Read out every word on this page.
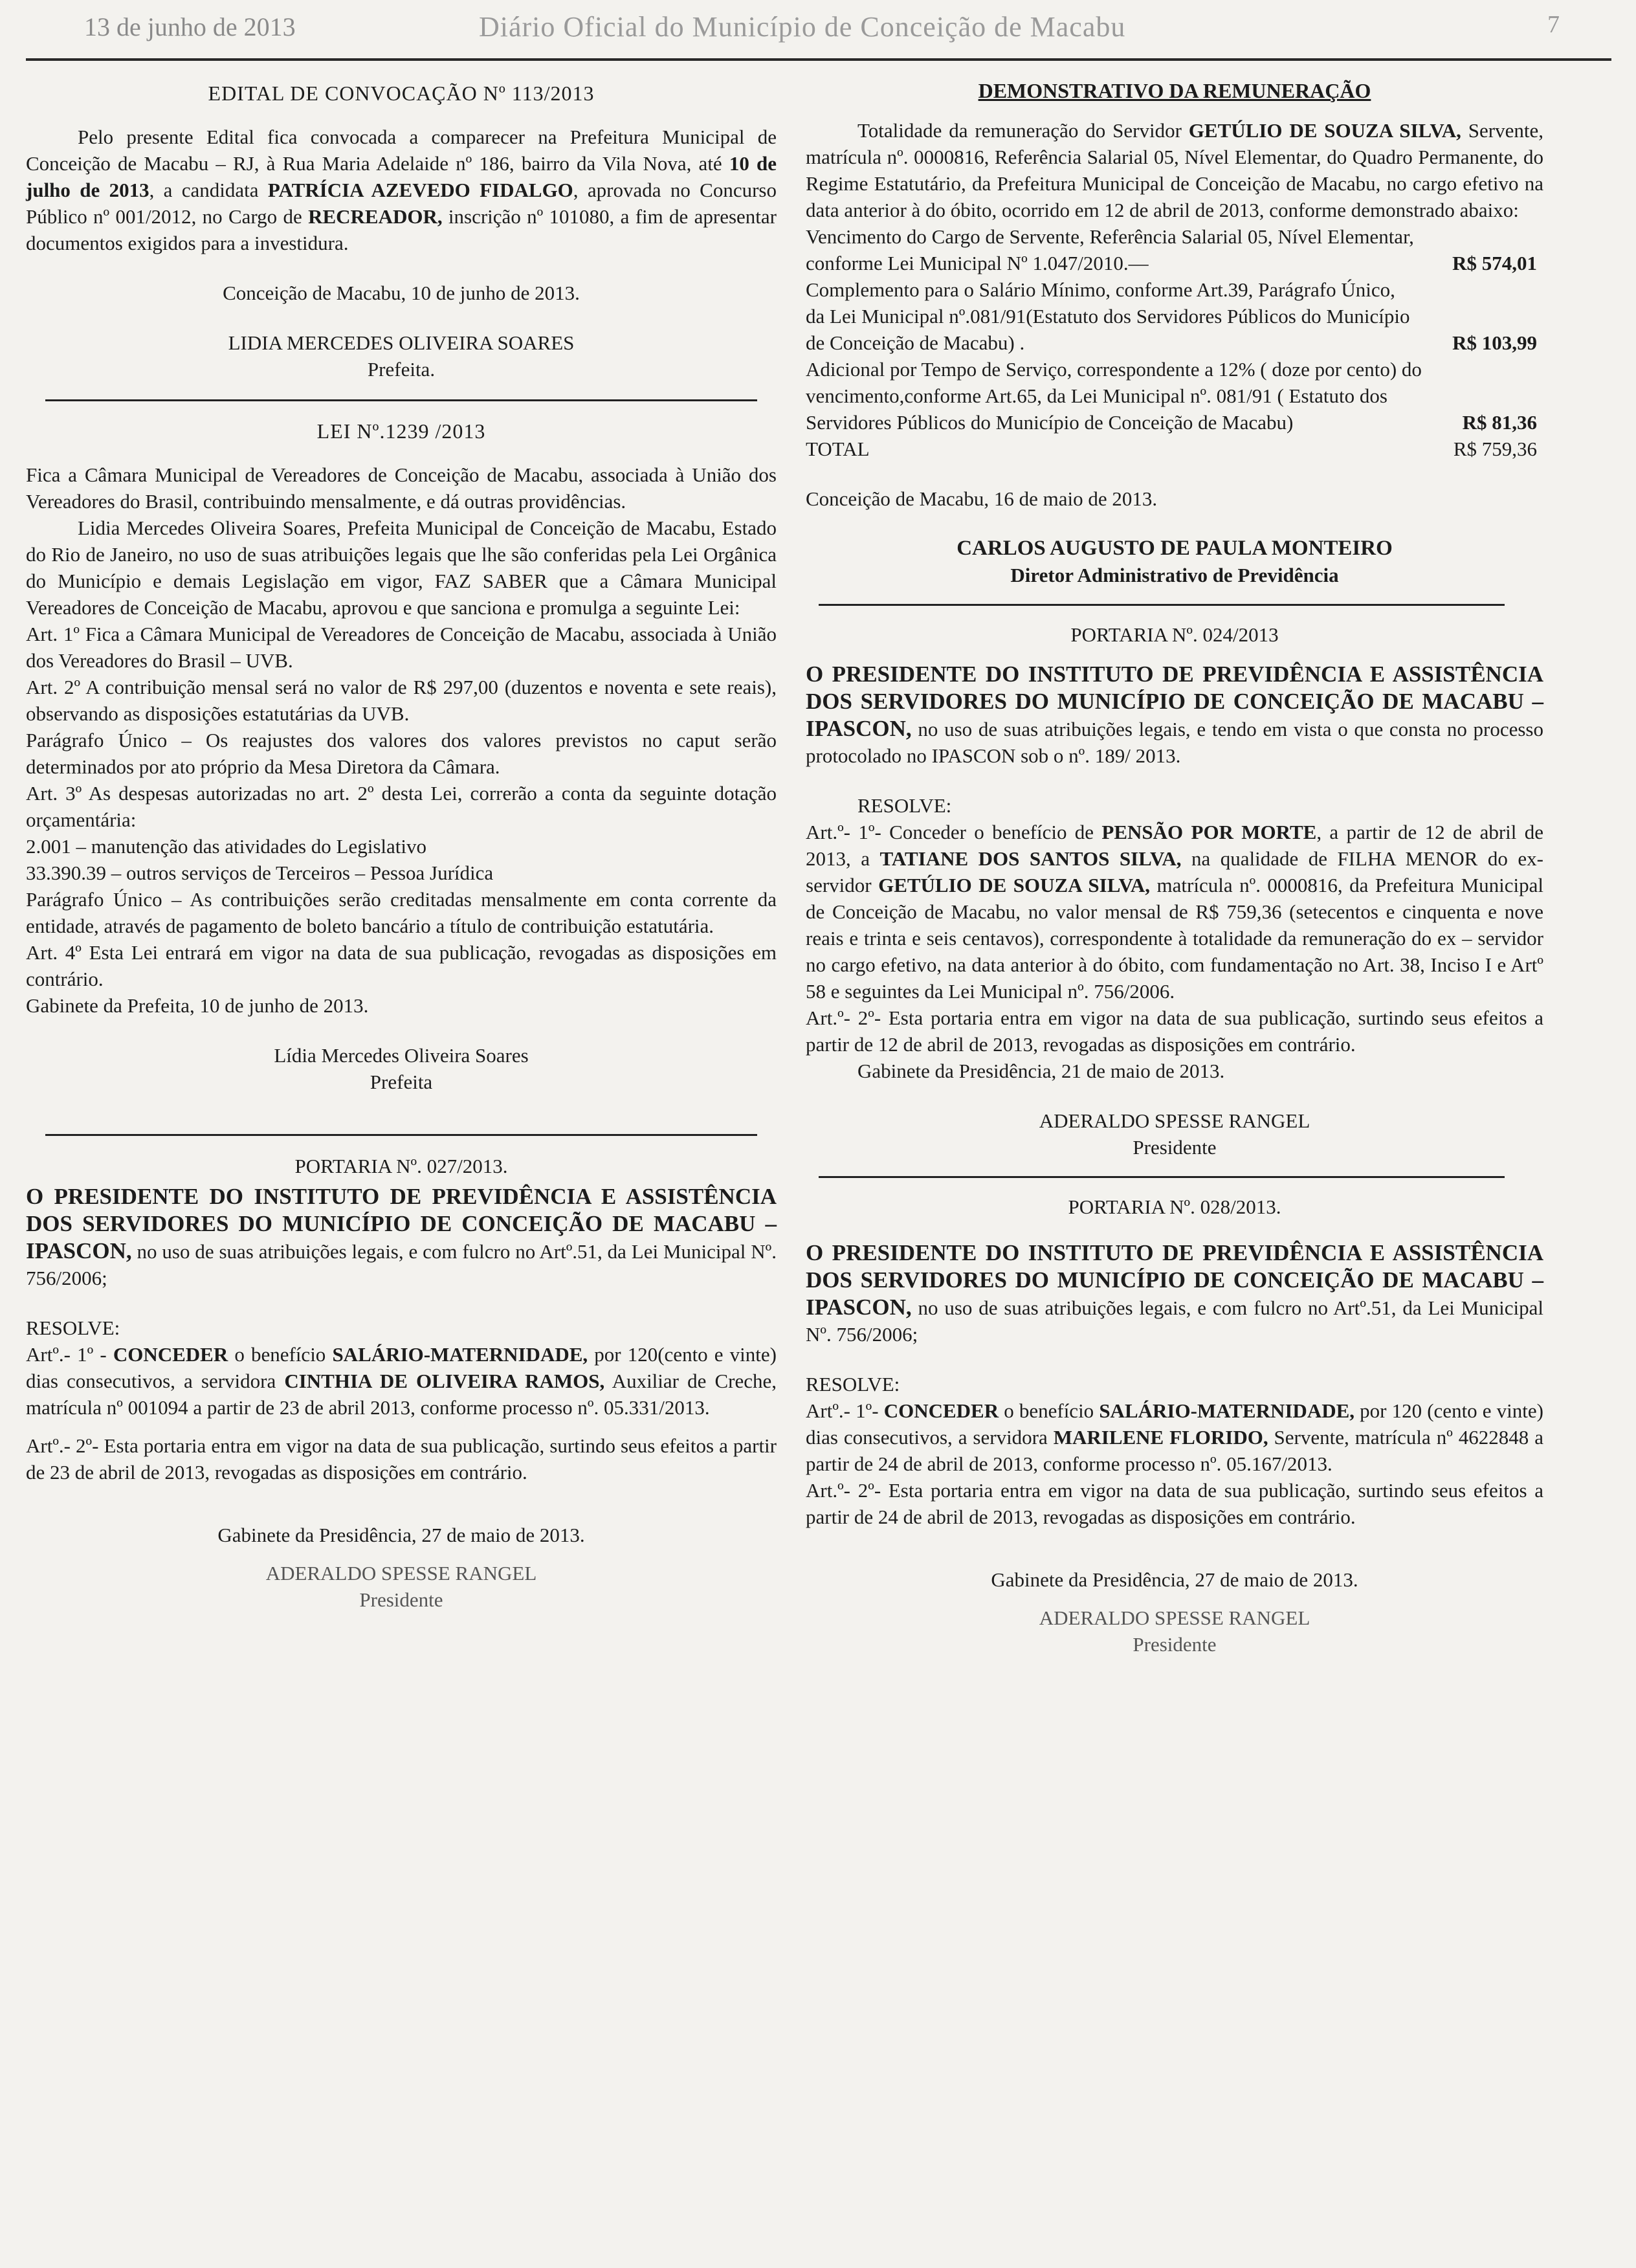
13 de junho de 2013	Diário Oficial do Município de Conceição de Macabu	7
EDITAL DE CONVOCAÇÃO Nº 113/2013

Pelo presente Edital fica convocada a comparecer na Prefeitura Municipal de Conceição de Macabu – RJ, à Rua Maria Adelaide nº 186, bairro da Vila Nova, até 10 de julho de 2013, a candidata PATRÍCIA AZEVEDO FIDALGO, aprovada no Concurso Público nº 001/2012, no Cargo de RECREADOR, inscrição nº 101080, a fim de apresentar documentos exigidos para a investidura.

Conceição de Macabu, 10 de junho de 2013.

LIDIA MERCEDES OLIVEIRA SOARES

Prefeita.

LEI Nº.1239 /2013

Fica a Câmara Municipal de Vereadores de Conceição de Macabu, associada à União dos Vereadores do Brasil, contribuindo mensalmente, e dá outras providências.

Lidia Mercedes Oliveira Soares, Prefeita Municipal de Conceição de Macabu, Estado do Rio de Janeiro, no uso de suas atribuições legais que lhe são conferidas pela Lei Orgânica do Município e demais Legislação em vigor, FAZ SABER que a Câmara Municipal Vereadores de Conceição de Macabu, aprovou e que sanciona e promulga a seguinte Lei:

Art. 1º Fica a Câmara Municipal de Vereadores de Conceição de Macabu, associada à União dos Vereadores do Brasil – UVB.

Art. 2º A contribuição mensal será no valor de R$ 297,00 (duzentos e noventa e sete reais), observando as disposições estatutárias da UVB.

Parágrafo Único – Os reajustes dos valores dos valores previstos no caput serão determinados por ato próprio da Mesa Diretora da Câmara.

Art. 3º As despesas autorizadas no art. 2º desta Lei, correrão a conta da seguinte dotação orçamentária:

2.001 – manutenção das atividades do Legislativo

33.390.39 – outros serviços de Terceiros – Pessoa Jurídica

Parágrafo Único – As contribuições serão creditadas mensalmente em conta corrente da entidade, através de pagamento de boleto bancário a título de contribuição estatutária.

Art. 4º Esta Lei entrará em vigor na data de sua publicação, revogadas as disposições em contrário.

Gabinete da Prefeita, 10 de junho de 2013.

Lídia Mercedes Oliveira Soares

Prefeita

PORTARIA Nº. 027/2013.

O PRESIDENTE DO INSTITUTO DE PREVIDÊNCIA E ASSISTÊNCIA DOS SERVIDORES DO MUNICÍPIO DE CONCEIÇÃO DE MACABU – IPASCON, no uso de suas atribuições legais, e com fulcro no Artº.51, da Lei Municipal Nº. 756/2006;

RESOLVE:

Artº.- 1º - CONCEDER o benefício SALÁRIO-MATERNIDADE, por 120(cento e vinte) dias consecutivos, a servidora CINTHIA DE OLIVEIRA RAMOS, Auxiliar de Creche, matrícula nº 001094 a partir de 23 de abril 2013, conforme processo nº. 05.331/2013.

Artº.- 2º- Esta portaria entra em vigor na data de sua publicação, surtindo seus efeitos a partir de 23 de abril de 2013, revogadas as disposições em contrário.

Gabinete da Presidência, 27 de maio de 2013.

ADERALDO SPESSE RANGEL

Presidente

DEMONSTRATIVO DA REMUNERAÇÃO

Totalidade da remuneração do Servidor GETÚLIO DE SOUZA SILVA, Servente, matrícula nº. 0000816, Referência Salarial 05, Nível Elementar, do Quadro Permanente, do Regime Estatutário, da Prefeitura Municipal de Conceição de Macabu, no cargo efetivo na data anterior à do óbito, ocorrido em 12 de abril de 2013, conforme demonstrado abaixo:

Vencimento do Cargo de Servente, Referência Salarial 05, Nível Elementar, conforme Lei Municipal Nº 1.047/2010.—	R$ 574,01
Complemento para o Salário Mínimo, conforme Art.39, Parágrafo Único, da Lei Municipal nº.081/91(Estatuto dos Servidores Públicos do Município de Conceição de Macabu) .	R$ 103,99
Adicional por Tempo de Serviço, correspondente a 12% ( doze por cento) do vencimento,conforme Art.65, da Lei Municipal nº. 081/91 ( Estatuto dos Servidores Públicos do Município de Conceição de Macabu)	R$ 81,36
TOTAL	R$ 759,36

Conceição de Macabu, 16 de maio de 2013.

CARLOS AUGUSTO DE PAULA MONTEIRO

Diretor Administrativo de Previdência

PORTARIA Nº. 024/2013

O PRESIDENTE DO INSTITUTO DE PREVIDÊNCIA E ASSISTÊNCIA DOS SERVIDORES DO MUNICÍPIO DE CONCEIÇÃO DE MACABU – IPASCON, no uso de suas atribuições legais, e tendo em vista o que consta no processo protocolado no IPASCON sob o nº. 189/ 2013.

RESOLVE:

Art.º- 1º- Conceder o benefício de PENSÃO POR MORTE, a partir de 12 de abril de 2013, a TATIANE DOS SANTOS SILVA, na qualidade de FILHA MENOR do ex-servidor GETÚLIO DE SOUZA SILVA, matrícula nº. 0000816, da Prefeitura Municipal de Conceição de Macabu, no valor mensal de R$ 759,36 (setecentos e cinquenta e nove reais e trinta e seis centavos), correspondente à totalidade da remuneração do ex – servidor no cargo efetivo, na data anterior à do óbito, com fundamentação no Art. 38, Inciso I e Artº 58 e seguintes da Lei Municipal nº. 756/2006.

Art.º- 2º- Esta portaria entra em vigor na data de sua publicação, surtindo seus efeitos a partir de 12 de abril de 2013, revogadas as disposições em contrário.

Gabinete da Presidência, 21 de maio de 2013.

ADERALDO SPESSE RANGEL

Presidente

PORTARIA Nº. 028/2013.

O PRESIDENTE DO INSTITUTO DE PREVIDÊNCIA E ASSISTÊNCIA DOS SERVIDORES DO MUNICÍPIO DE CONCEIÇÃO DE MACABU – IPASCON, no uso de suas atribuições legais, e com fulcro no Artº.51, da Lei Municipal Nº. 756/2006;

RESOLVE:

Artº.- 1º- CONCEDER o benefício SALÁRIO-MATERNIDADE, por 120 (cento e vinte) dias consecutivos, a servidora MARILENE FLORIDO, Servente, matrícula nº 4622848 a partir de 24 de abril de 2013, conforme processo nº. 05.167/2013.

Art.º- 2º- Esta portaria entra em vigor na data de sua publicação, surtindo seus efeitos a partir de 24 de abril de 2013, revogadas as disposições em contrário.

Gabinete da Presidência, 27 de maio de 2013.

ADERALDO SPESSE RANGEL

Presidente
